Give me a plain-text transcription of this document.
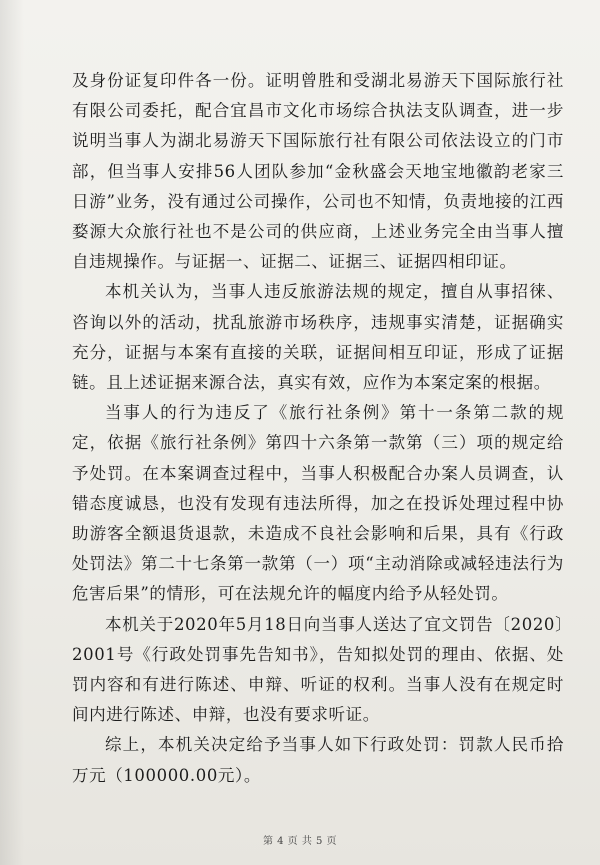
及身份证复印件各一份。证明曾胜和受湖北易游天下国际旅行社有限公司委托，配合宜昌市文化市场综合执法支队调查，进一步说明当事人为湖北易游天下国际旅行社有限公司依法设立的门市部，但当事人安排56人团队参加“金秋盛会天地宝地徽韵老家三日游”业务，没有通过公司操作，公司也不知情，负责地接的江西婺源大众旅行社也不是公司的供应商，上述业务完全由当事人擅自违规操作。与证据一、证据二、证据三、证据四相印证。

本机关认为，当事人违反旅游法规的规定，擅自从事招徕、咨询以外的活动，扰乱旅游市场秩序，违规事实清楚，证据确实充分，证据与本案有直接的关联，证据间相互印证，形成了证据链。且上述证据来源合法，真实有效，应作为本案定案的根据。

当事人的行为违反了《旅行社条例》第十一条第二款的规定，依据《旅行社条例》第四十六条第一款第（三）项的规定给予处罚。在本案调查过程中，当事人积极配合办案人员调查，认错态度诚恳，也没有发现有违法所得，加之在投诉处理过程中协助游客全额退货退款，未造成不良社会影响和后果，具有《行政处罚法》第二十七条第一款第（一）项“主动消除或减轻违法行为危害后果”的情形，可在法规允许的幅度内给予从轻处罚。

本机关于2020年5月18日向当事人送达了宜文罚告〔2020〕2001号《行政处罚事先告知书》，告知拟处罚的理由、依据、处罚内容和有进行陈述、申辩、听证的权利。当事人没有在规定时间内进行陈述、申辩，也没有要求听证。

综上，本机关决定给予当事人如下行政处罚：罚款人民币拾万元（100000.00元）。

第 4 页 共 5 页
